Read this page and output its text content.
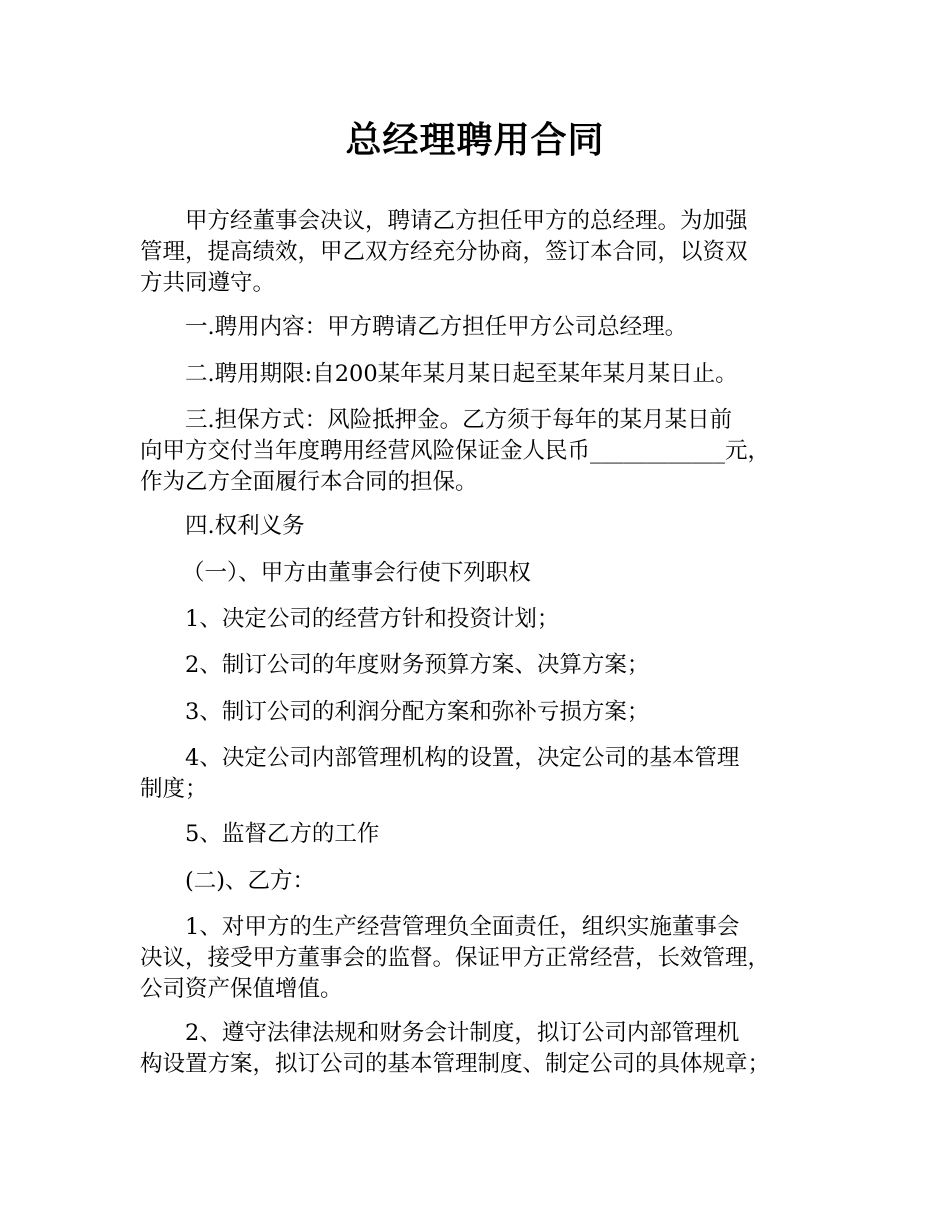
总经理聘用合同
甲方经董事会决议，聘请乙方担任甲方的总经理。为加强
管理，提高绩效，甲乙双方经充分协商，签订本合同，以资双
方共同遵守。
一.聘用内容：甲方聘请乙方担任甲方公司总经理。
二.聘用期限:自200某年某月某日起至某年某月某日止。
三.担保方式：风险抵押金。乙方须于每年的某月某日前
向甲方交付当年度聘用经营风险保证金人民币____________元，
作为乙方全面履行本合同的担保。
四.权利义务
（一）、甲方由董事会行使下列职权
1、决定公司的经营方针和投资计划；
2、制订公司的年度财务预算方案、决算方案；
3、制订公司的利润分配方案和弥补亏损方案；
4、决定公司内部管理机构的设置，决定公司的基本管理
制度；
5、监督乙方的工作
(二)、乙方：
1、对甲方的生产经营管理负全面责任，组织实施董事会
决议，接受甲方董事会的监督。保证甲方正常经营，长效管理，
公司资产保值增值。
2、遵守法律法规和财务会计制度，拟订公司内部管理机
构设置方案，拟订公司的基本管理制度、制定公司的具体规章；
